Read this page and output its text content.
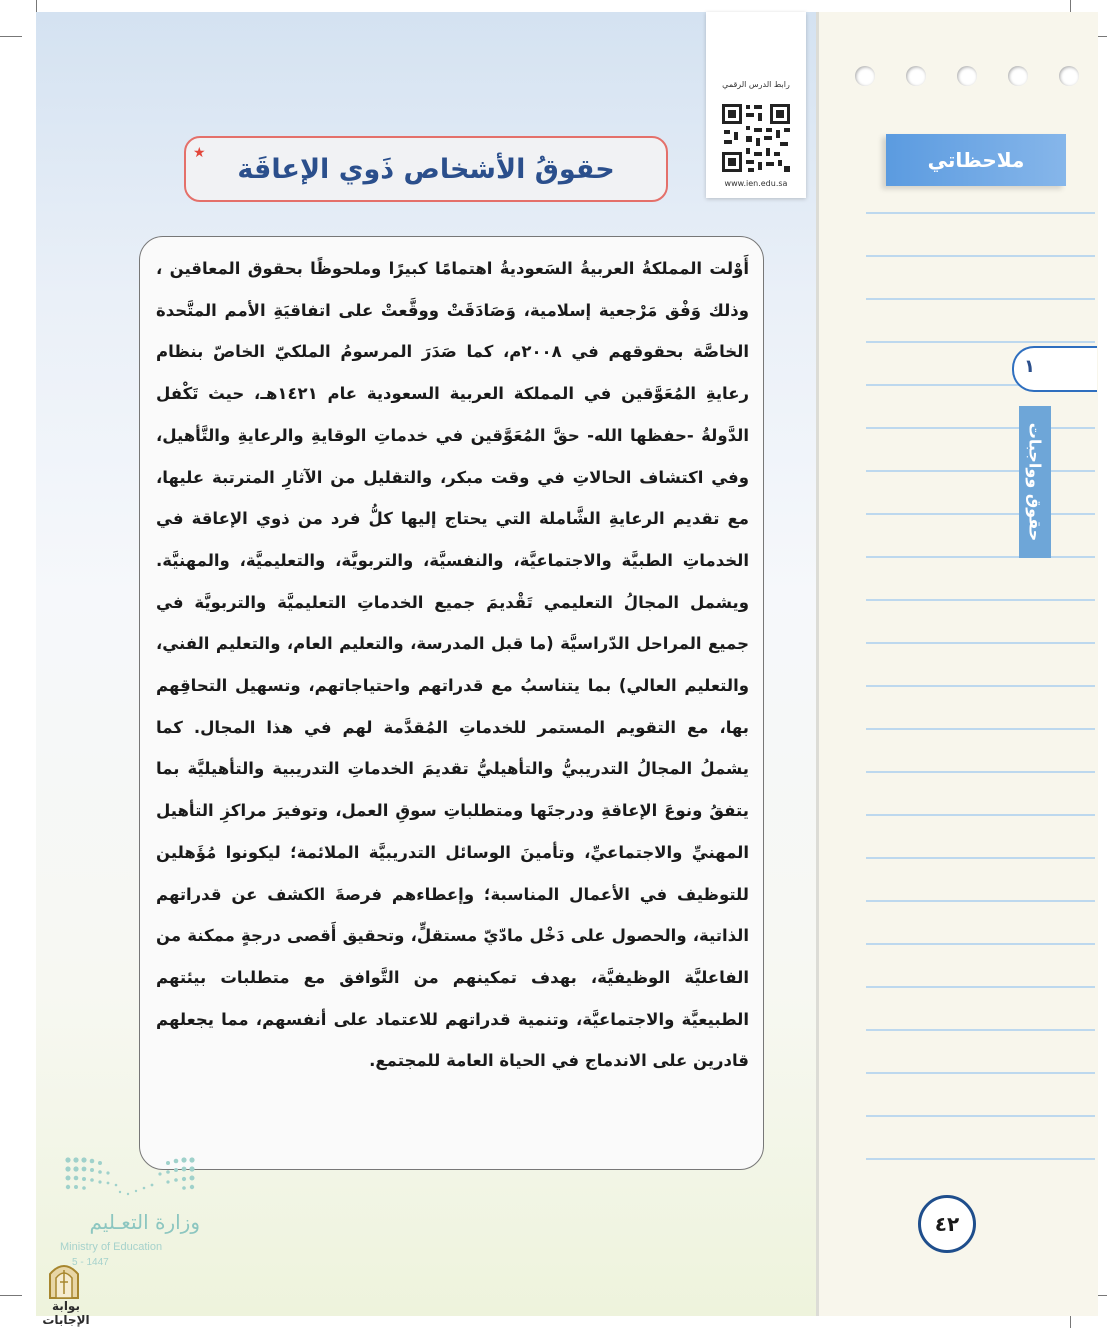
ملاحظاتي
١
حقوق وواجبات
٤٢
رابط الدرس الرقمي
www.ien.edu.sa
حقوقُ الأشخاص ذَوي الإعاقَة
★

أَوْلت المملكةُ العربيةُ السَعوديةُ اهتمامًا كبيرًا وملحوظًا بحقوق المعاقين ، وذلك وَفْق مَرْجعية إسلامية، وَصَادَقَتْ ووقَّعتْ على اتفاقيَةِ الأمم المتَّحدة الخاصَّة بحقوقهم في ٢٠٠٨م، كما صَدَرَ المرسومُ الملكيّ الخاصّ بنظام رعايةِ المُعَوَّقين في المملكة العربية السعودية عام ١٤٢١هـ، حيث تَكْفل الدَّولةُ -حفظها الله- حقَّ المُعَوَّقين في خدماتِ الوقايةِ والرعايةِ والتَّأهيل، وفي اكتشاف الحالاتِ في وقت مبكر، والتقليل من الآثارِ المترتبة عليها، مع تقديم الرعايةِ الشَّاملة التي يحتاج إليها كلُّ فرد من ذوي الإعاقة في الخدماتِ الطبيَّة والاجتماعيَّة، والنفسيَّة، والتربويَّة، والتعليميَّة، والمهنيَّة. ويشمل المجالُ التعليمي تَقْديمَ جميع الخدماتِ التعليميَّة والتربويَّة في جميع المراحل الدّراسيَّة (ما قبل المدرسة، والتعليم العام، والتعليم الفني، والتعليم العالي) بما يتناسبُ مع قدراتهم واحتياجاتهم، وتسهيل التحاقِهم بها، مع التقويم المستمر للخدماتِ المُقدَّمة لهم في هذا المجال. كما يشملُ المجالُ التدريبيُّ والتأهيليُّ تقديمَ الخدماتِ التدريبية والتأهيليَّة بما يتفقُ ونوعَ الإعاقةِ ودرجتَها ومتطلباتِ سوقِ العمل، وتوفيرَ مراكزِ التأهيل المهنيِّ والاجتماعيِّ، وتأمينَ الوسائل التدريبيَّة الملائمة؛ ليكونوا مُؤَهلين للتوظيف في الأعمال المناسبة؛ وإعطاءهم فرصةَ الكشف عن قدراتهم الذاتية، والحصول على دَخْل مادّيّ مستقلٍّ، وتحقيق أَقصى درجةٍ ممكنة من الفاعليَّة الوظيفيَّة، بهدف تمكينهم من التَّوافق مع متطلبات بيئتهم الطبيعيَّة والاجتماعيَّة، وتنمية قدراتهم للاعتماد على أنفسهم، مما يجعلهم قادرين على الاندماج في الحياة العامة للمجتمع.

وزارة التعـليم
Ministry of Education
5 - 1447
بوابة الإجابات
